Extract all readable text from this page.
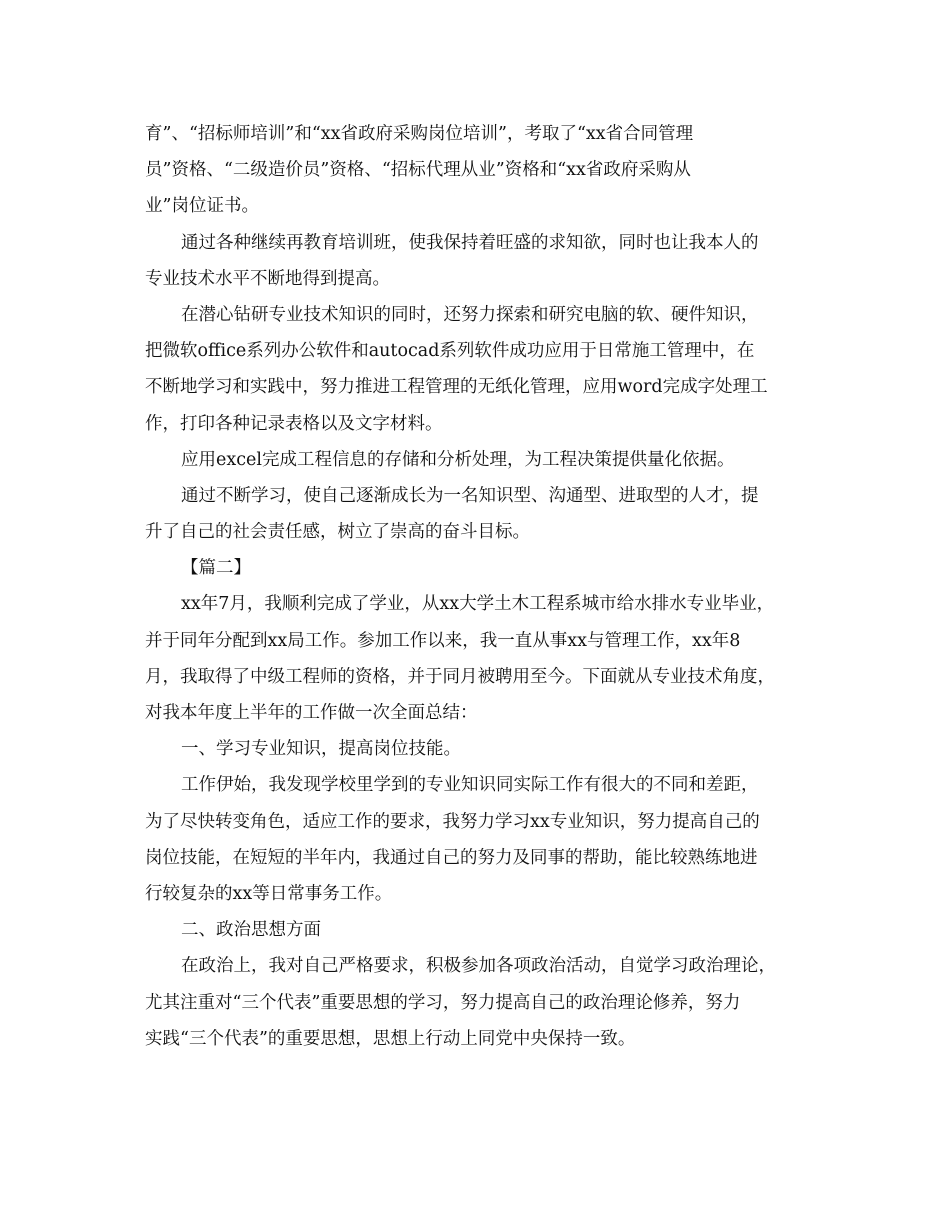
育”、“招标师培训”和“xx省政府采购岗位培训”，考取了“xx省合同管理

员”资格、“二级造价员”资格、“招标代理从业”资格和“xx省政府采购从

业”岗位证书。

通过各种继续再教育培训班，使我保持着旺盛的求知欲，同时也让我本人的

专业技术水平不断地得到提高。

在潜心钻研专业技术知识的同时，还努力探索和研究电脑的软、硬件知识，

把微软office系列办公软件和autocad系列软件成功应用于日常施工管理中，在

不断地学习和实践中，努力推进工程管理的无纸化管理，应用word完成字处理工

作，打印各种记录表格以及文字材料。

应用excel完成工程信息的存储和分析处理，为工程决策提供量化依据。

通过不断学习，使自己逐渐成长为一名知识型、沟通型、进取型的人才，提

升了自己的社会责任感，树立了崇高的奋斗目标。

【篇二】

xx年7月，我顺利完成了学业，从xx大学土木工程系城市给水排水专业毕业，

并于同年分配到xx局工作。参加工作以来，我一直从事xx与管理工作，xx年8

月，我取得了中级工程师的资格，并于同月被聘用至今。下面就从专业技术角度，

对我本年度上半年的工作做一次全面总结：

一、学习专业知识，提高岗位技能。

工作伊始，我发现学校里学到的专业知识同实际工作有很大的不同和差距，

为了尽快转变角色，适应工作的要求，我努力学习xx专业知识，努力提高自己的

岗位技能，在短短的半年内，我通过自己的努力及同事的帮助，能比较熟练地进

行较复杂的xx等日常事务工作。

二、政治思想方面

在政治上，我对自己严格要求，积极参加各项政治活动，自觉学习政治理论，

尤其注重对“三个代表”重要思想的学习，努力提高自己的政治理论修养，努力

实践“三个代表”的重要思想，思想上行动上同党中央保持一致。
